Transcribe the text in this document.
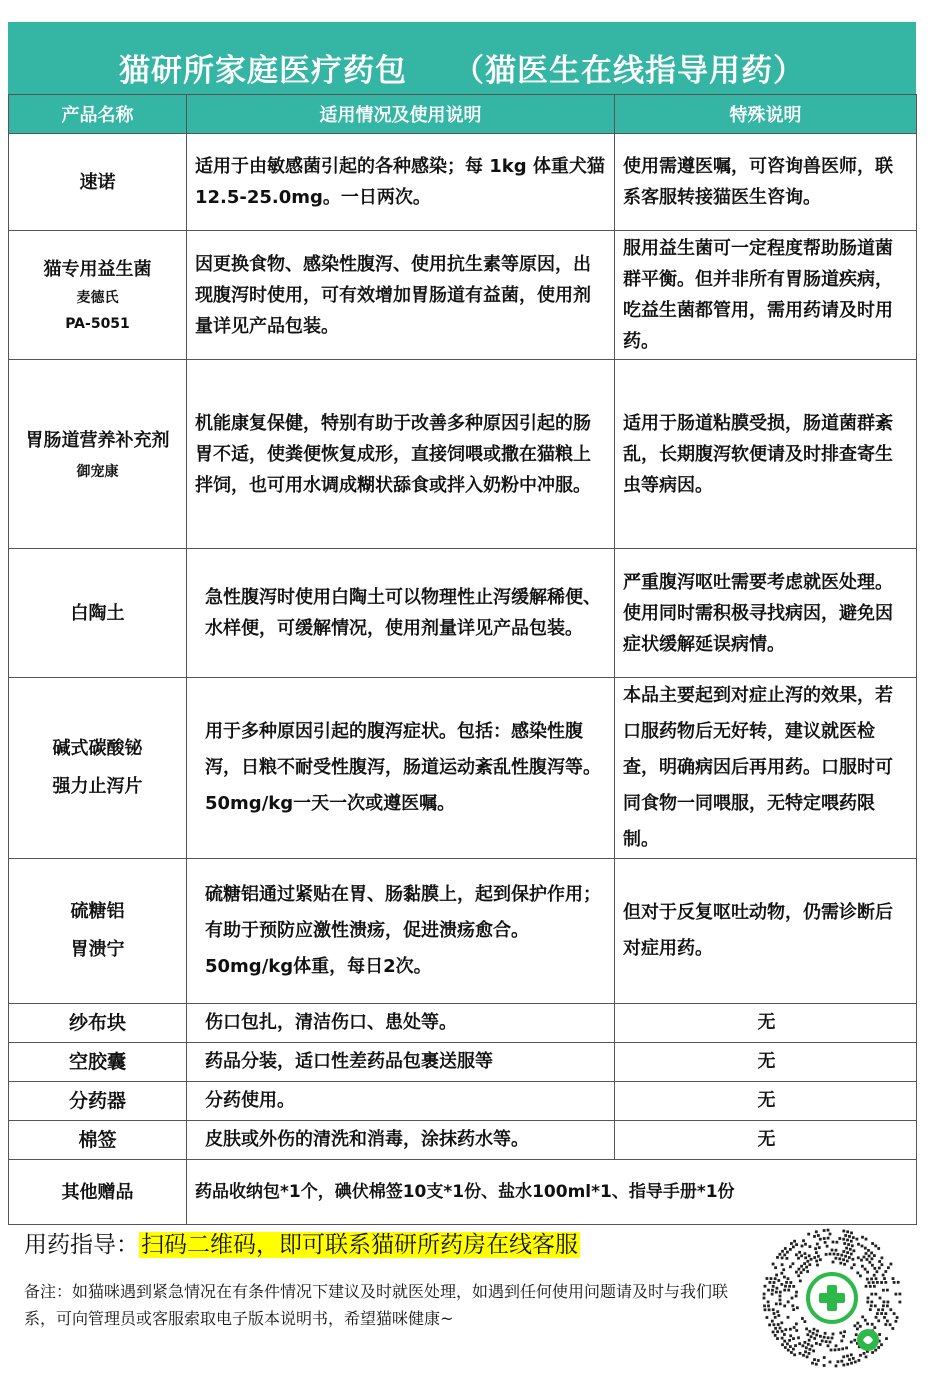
猫研所家庭医疗药包 （猫医生在线指导用药）
产品名称	适用情况及使用说明	特殊说明

速诺	适用于由敏感菌引起的各种感染；每 1kg 体重犬猫 12.5-25.0mg。一日两次。	使用需遵医嘱，可咨询兽医师，联系客服转接猫医生咨询。

猫专用益生菌
麦德氏
PA-5051	因更换食物、感染性腹泻、使用抗生素等原因，出现腹泻时使用，可有效增加胃肠道有益菌，使用剂量详见产品包装。	服用益生菌可一定程度帮助肠道菌群平衡。但并非所有胃肠道疾病，吃益生菌都管用，需用药请及时用药。

胃肠道营养补充剂
御宠康	机能康复保健，特别有助于改善多种原因引起的肠胃不适，使粪便恢复成形，直接饲喂或撒在猫粮上拌饲，也可用水调成糊状舔食或拌入奶粉中冲服。	适用于肠道粘膜受损，肠道菌群紊乱，长期腹泻软便请及时排查寄生虫等病因。

白陶土	急性腹泻时使用白陶土可以物理性止泻缓解稀便、水样便，可缓解情况，使用剂量详见产品包装。	严重腹泻呕吐需要考虑就医处理。使用同时需积极寻找病因，避免因症状缓解延误病情。

碱式碳酸铋
强力止泻片	用于多种原因引起的腹泻症状。包括：感染性腹泻，日粮不耐受性腹泻，肠道运动紊乱性腹泻等。50mg/kg一天一次或遵医嘱。	本品主要起到对症止泻的效果，若口服药物后无好转，建议就医检查，明确病因后再用药。口服时可同食物一同喂服，无特定喂药限制。

硫糖铝
胃溃宁	硫糖铝通过紧贴在胃、肠黏膜上，起到保护作用；有助于预防应激性溃疡，促进溃疡愈合。50mg/kg体重，每日2次。	但对于反复呕吐动物，仍需诊断后对症用药。
纱布块	伤口包扎，清洁伤口、患处等。	无
空胶囊	药品分装，适口性差药品包裹送服等	无
分药器	分药使用。	无
棉签	皮肤或外伤的清洗和消毒，涂抹药水等。	无
其他赠品	药品收纳包*1个，碘伏棉签10支*1份、盐水100ml*1、指导手册*1份	
用药指导：扫码二维码，即可联系猫研所药房在线客服
备注：如猫咪遇到紧急情况在有条件情况下建议及时就医处理，如遇到任何使用问题请及时与我们联系，可向管理员或客服索取电子版本说明书，希望猫咪健康~
